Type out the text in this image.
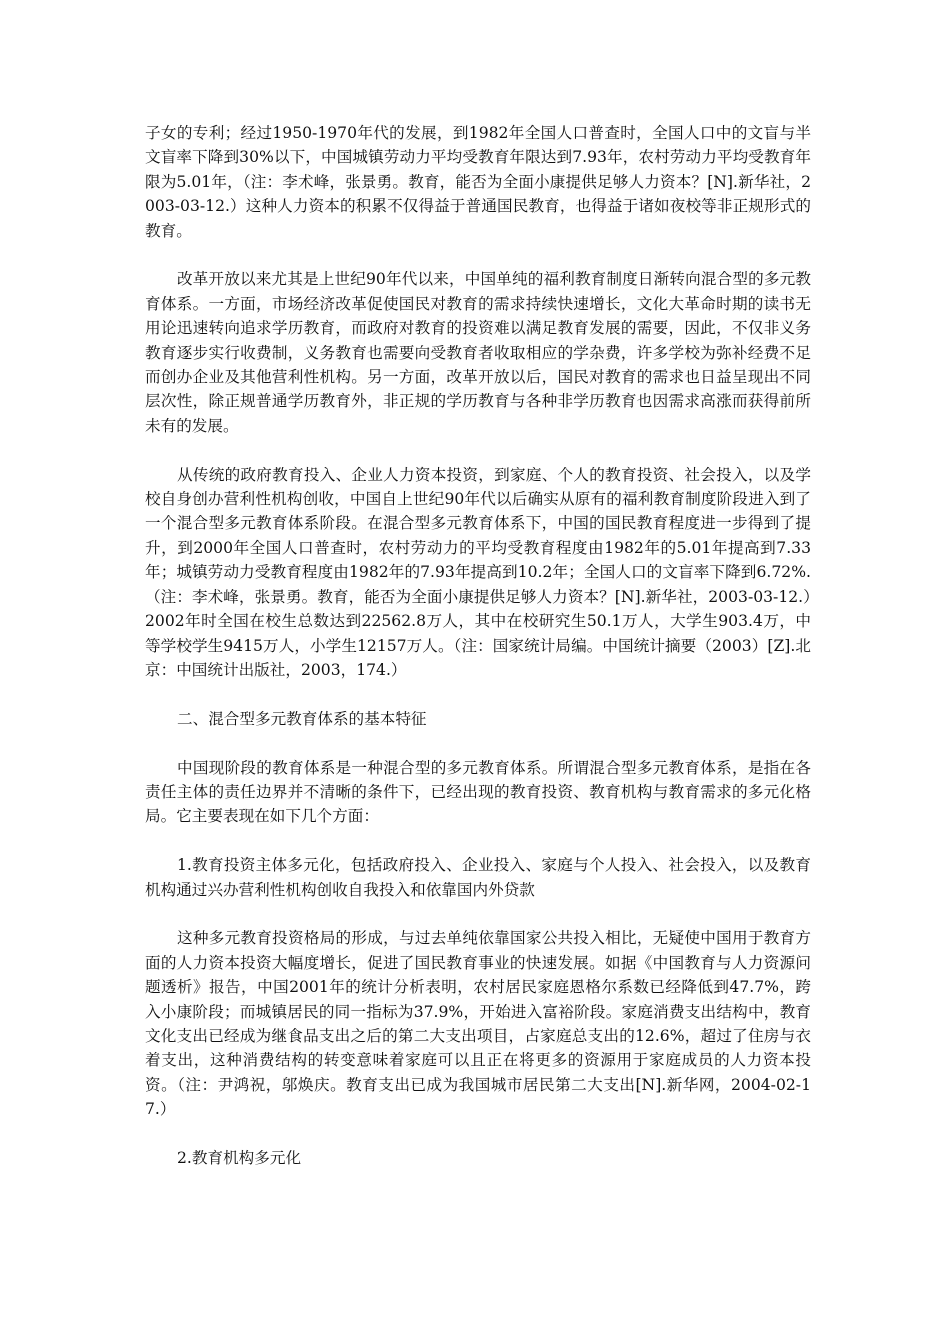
子女的专利；经过1950-1970年代的发展，到1982年全国人口普查时，全国人口中的文盲与半文盲率下降到30%以下，中国城镇劳动力平均受教育年限达到7.93年，农村劳动力平均受教育年限为5.01年，（注：李术峰，张景勇。教育，能否为全面小康提供足够人力资本？[N].新华社，2003-03-12.）这种人力资本的积累不仅得益于普通国民教育，也得益于诸如夜校等非正规形式的教育。

改革开放以来尤其是上世纪90年代以来，中国单纯的福利教育制度日渐转向混合型的多元教育体系。一方面，市场经济改革促使国民对教育的需求持续快速增长，文化大革命时期的读书无用论迅速转向追求学历教育，而政府对教育的投资难以满足教育发展的需要，因此，不仅非义务教育逐步实行收费制，义务教育也需要向受教育者收取相应的学杂费，许多学校为弥补经费不足而创办企业及其他营利性机构。另一方面，改革开放以后，国民对教育的需求也日益呈现出不同层次性，除正规普通学历教育外，非正规的学历教育与各种非学历教育也因需求高涨而获得前所未有的发展。

从传统的政府教育投入、企业人力资本投资，到家庭、个人的教育投资、社会投入，以及学校自身创办营利性机构创收，中国自上世纪90年代以后确实从原有的福利教育制度阶段进入到了一个混合型多元教育体系阶段。在混合型多元教育体系下，中国的国民教育程度进一步得到了提升，到2000年全国人口普查时，农村劳动力的平均受教育程度由1982年的5.01年提高到7.33年；城镇劳动力受教育程度由1982年的7.93年提高到10.2年；全国人口的文盲率下降到6.72%.（注：李术峰，张景勇。教育，能否为全面小康提供足够人力资本？[N].新华社，2003-03-12.）2002年时全国在校生总数达到22562.8万人，其中在校研究生50.1万人，大学生903.4万，中等学校学生9415万人，小学生12157万人。（注：国家统计局编。中国统计摘要（2003）[Z].北京：中国统计出版社，2003，174.）

二、混合型多元教育体系的基本特征

中国现阶段的教育体系是一种混合型的多元教育体系。所谓混合型多元教育体系，是指在各责任主体的责任边界并不清晰的条件下，已经出现的教育投资、教育机构与教育需求的多元化格局。它主要表现在如下几个方面：

1.教育投资主体多元化，包括政府投入、企业投入、家庭与个人投入、社会投入，以及教育机构通过兴办营利性机构创收自我投入和依靠国内外贷款

这种多元教育投资格局的形成，与过去单纯依靠国家公共投入相比，无疑使中国用于教育方面的人力资本投资大幅度增长，促进了国民教育事业的快速发展。如据《中国教育与人力资源问题透析》报告，中国2001年的统计分析表明，农村居民家庭恩格尔系数已经降低到47.7%，跨入小康阶段；而城镇居民的同一指标为37.9%，开始进入富裕阶段。家庭消费支出结构中，教育文化支出已经成为继食品支出之后的第二大支出项目，占家庭总支出的12.6%，超过了住房与衣着支出，这种消费结构的转变意味着家庭可以且正在将更多的资源用于家庭成员的人力资本投资。（注：尹鸿祝，邬焕庆。教育支出已成为我国城市居民第二大支出[N].新华网，2004-02-17.）

2.教育机构多元化
